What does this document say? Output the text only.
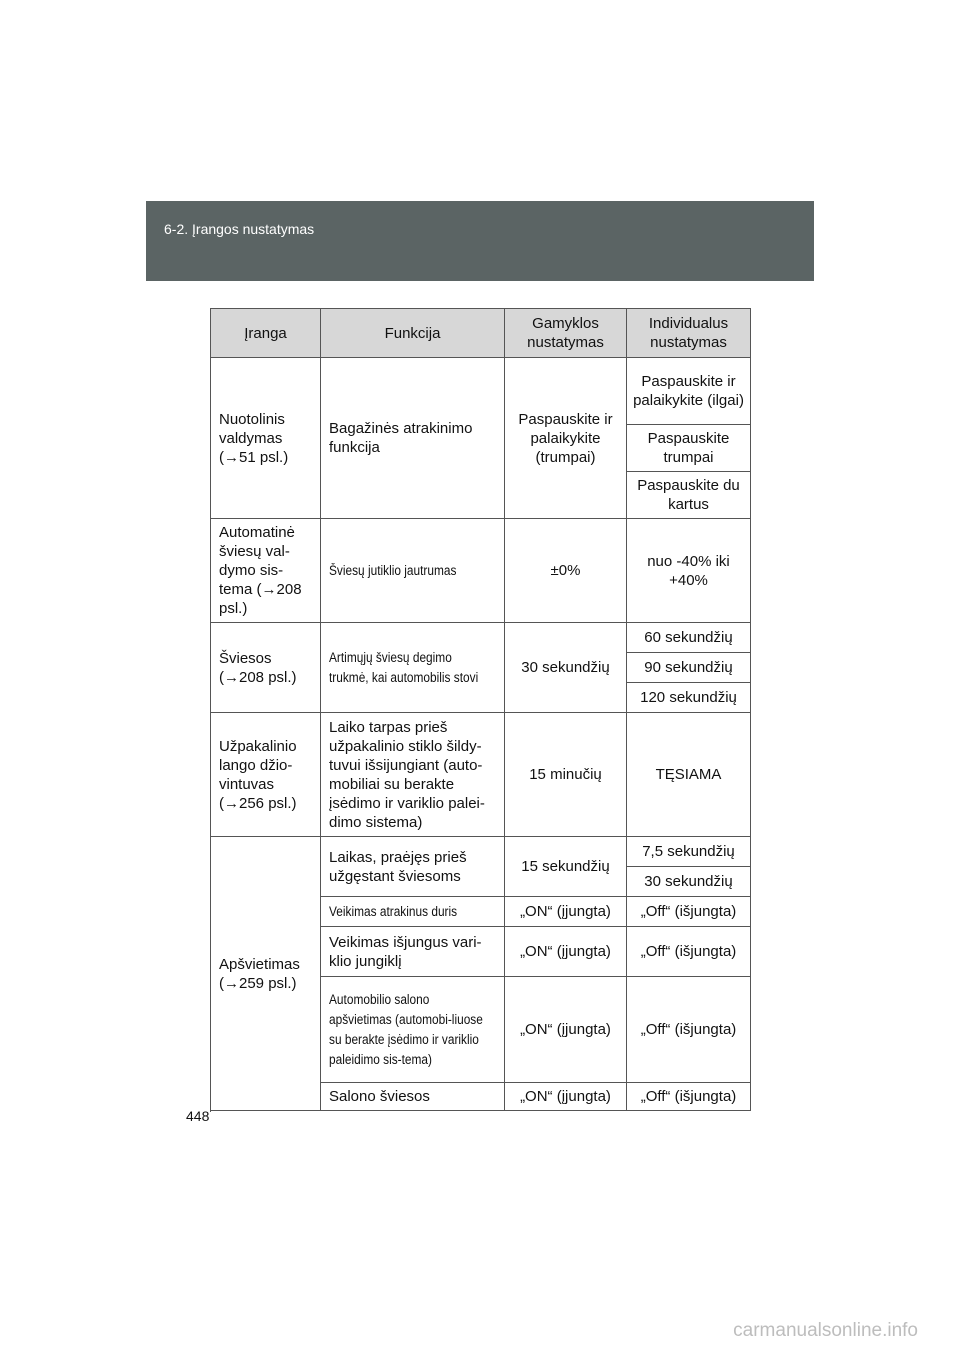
6-2. Įrangos nustatymas
Įranga	Funkcija	Gamyklos nustatymas	Individualus nustatymas
Nuotolinis valdymas (→51 psl.)	Bagažinės atrakinimo funkcija	Paspauskite ir palaikykite (trumpai)	Paspauskite ir palaikykite (ilgai)
			Paspauskite trumpai
			Paspauskite du kartus
Automatinė šviesų val-dymo sis-tema (→208 psl.)	Šviesų jutiklio jautrumas	±0%	nuo -40% iki +40%
Šviesos (→208 psl.)	Artimųjų šviesų degimo trukmė, kai automobilis stovi	30 sekundžių	60 sekundžių
			90 sekundžių
			120 sekundžių
Užpakalinio lango džio-vintuvas (→256 psl.)	Laiko tarpas prieš užpakalinio stiklo šildy-tuvui išsijungiant (auto-mobiliai su berakte įsėdimo ir variklio palei-dimo sistema)	15 minučių	TĘSIAMA
Apšvietimas (→259 psl.)	Laikas, praėjęs prieš užgęstant šviesoms	15 sekundžių	7,5 sekundžių
			30 sekundžių
	Veikimas atrakinus duris	„ON“ (įjungta)	„Off“ (išjungta)
	Veikimas išjungus vari-klio jungiklį	„ON“ (įjungta)	„Off“ (išjungta)
	Automobilio salono apšvietimas (automobi-liuose su berakte įsėdimo ir variklio paleidimo sis-tema)	„ON“ (įjungta)	„Off“ (išjungta)
	Salono šviesos	„ON“ (įjungta)	„Off“ (išjungta)

448
carmanualsonline.info
